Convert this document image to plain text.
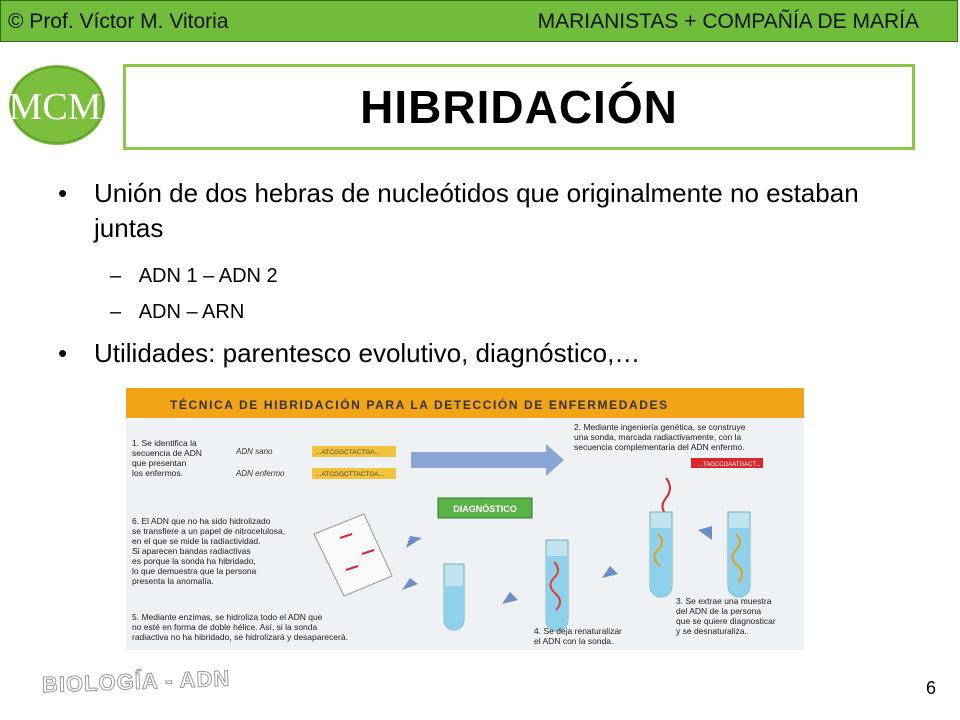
© Prof. Víctor M. Vitoria	MARIANISTAS + COMPAÑÍA DE MARÍA
MCM	HIBRIDACIÓN
• Unión de dos hebras de nucleótidos que originalmente no estaban juntas
– ADN 1 – ADN 2
– ADN – ARN
• Utilidades: parentesco evolutivo, diagnóstico,…
TÉCNICA DE HIBRIDACIÓN PARA LA DETECCIÓN DE ENFERMEDADES
1. Se identifica la
secuencia de ADN
que presentan
los enfermos.
ADN sano	...ATCGGCTACTGA...
ADN enfermo	...ATCGGCTTACTGA...
2. Mediante ingeniería genética, se construye
una sonda, marcada radiactivamente, con la
secuencia complementaria del ADN enfermo.
...TAGCCGAATGACT...
DIAGNÓSTICO
6. El ADN que no ha sido hidrolizado
se transfiere a un papel de nitrocelulosa,
en el que se mide la radiactividad.
Si aparecen bandas radiactivas
es porque la sonda ha hibridado,
lo que demuestra que la persona
presenta la anomalía.
5. Mediante enzimas, se hidroliza todo el ADN que
no esté en forma de doble hélice. Así, si la sonda
radiactiva no ha hibridado, se hidrolizará y desaparecerá.
4. Se deja renaturalizar
el ADN con la sonda.
3. Se extrae una muestra
del ADN de la persona
que se quiere diagnosticar
y se desnaturaliza.
BIOLOGÍA - ADN	6
